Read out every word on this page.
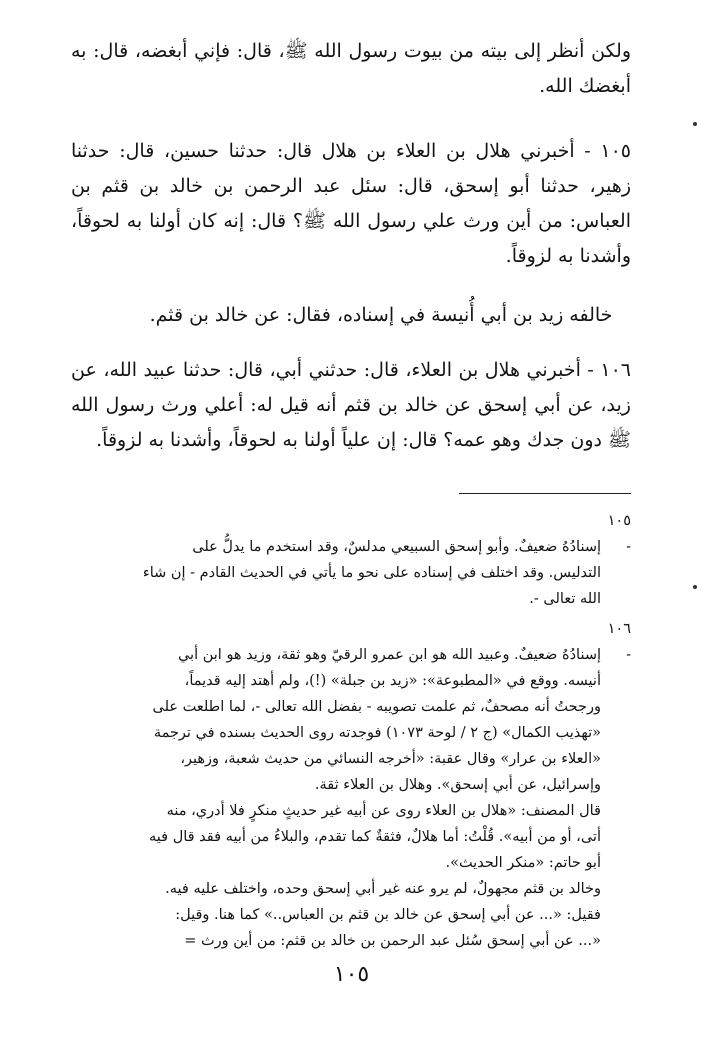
ولكن أنظر إلى بيته من بيوت رسول الله ﷺ، قال: فإني أبغضه، قال: به أبغضك الله.

١٠٥ - أخبرني هلال بن العلاء بن هلال قال: حدثنا حسين، قال: حدثنا زهير، حدثنا أبو إسحق، قال: سئل عبد الرحمن بن خالد بن قثم بن العباس: من أين ورث علي رسول الله ﷺ؟ قال: إنه كان أولنا به لحوقاً، وأشدنا به لزوقاً.

خالفه زيد بن أبي أُنيسة في إسناده، فقال: عن خالد بن قثم.

١٠٦ - أخبرني هلال بن العلاء، قال: حدثني أبي، قال: حدثنا عبيد الله، عن زيد، عن أبي إسحق عن خالد بن قثم أنه قيل له: أعلي ورث رسول الله ﷺ دون جدك وهو عمه؟ قال: إن علياً أولنا به لحوقاً، وأشدنا به لزوقاً.

١٠٥ -إسنادُهُ ضعيفٌ. وأبو إسحق السبيعي مدلسٌ، وقد استخدم ما يدلُّ على
التدليس. وقد اختلف في إسناده على نحو ما يأتي في الحديث القادم - إن شاء
الله تعالى -.

١٠٦ -إسنادُهُ ضعيفٌ. وعبيد الله هو ابن عمرو الرقيّ وهو ثقة، وزيد هو ابن أبي
أنيسه. ووقع في «المطبوعة»: «زيد بن جبلة» (!)، ولم أهتد إليه قديماً،
ورجحتُ أنه مصحفٌ، ثم علمت تصويبه - بفضل الله تعالى -، لما اطلعت على
«تهذيب الكمال» (ج ٢ / لوحة ١٠٧٣) فوجدته روى الحديث بسنده في ترجمة
«العلاء بن عرار» وقال عقبة: «أخرجه النسائي من حديث شعبة، وزهير،
وإسرائيل، عن أبي إسحق». وهلال بن العلاء ثقة.
قال المصنف: «هلال بن العلاء روى عن أبيه غير حديثٍ منكرٍ فلا أدري، منه
أتى، أو من أبيه». قُلْتُ: أما هلالٌ، فثقةٌ كما تقدم، والبلاءُ من أبيه فقد قال فيه
أبو حاتم: «منكر الحديث».
وخالد بن قثم مجهولٌ، لم يرو عنه غير أبي إسحق وحده، واختلف عليه فيه.
فقيل: «... عن أبي إسحق عن خالد بن قثم بن العباس..» كما هنا. وقيل:
«... عن أبي إسحق سُئل عبد الرحمن بن خالد بن قثم: من أين ورث =

١٠٥
